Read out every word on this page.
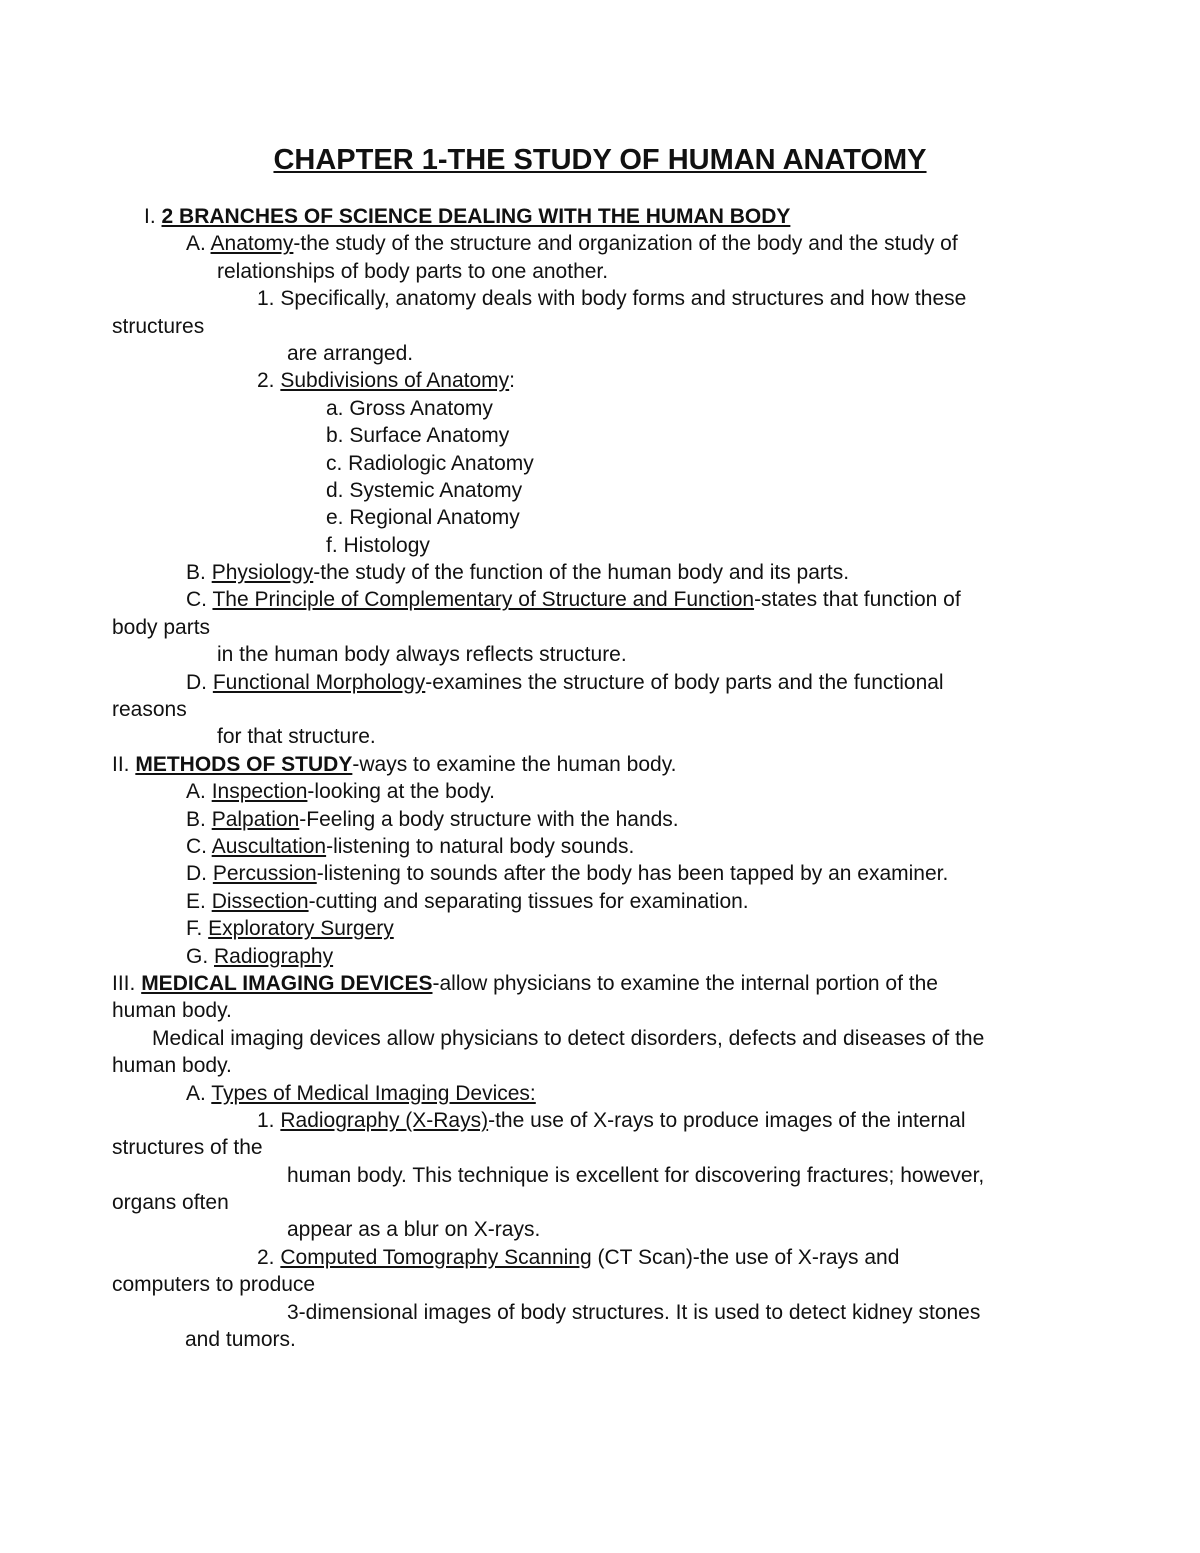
CHAPTER 1-THE STUDY OF HUMAN ANATOMY
I. 2 BRANCHES OF SCIENCE DEALING WITH THE HUMAN BODY
A. Anatomy-the study of the structure and organization of the body and the study of
relationships of body parts to one another.
1. Specifically, anatomy deals with body forms and structures and how these
structures
are arranged.
2. Subdivisions of Anatomy:
a. Gross Anatomy
b. Surface Anatomy
c. Radiologic Anatomy
d. Systemic Anatomy
e. Regional Anatomy
f. Histology
B. Physiology-the study of the function of the human body and its parts.
C. The Principle of Complementary of Structure and Function-states that function of
body parts
in the human body always reflects structure.
D. Functional Morphology-examines the structure of body parts and the functional
reasons
for that structure.
II. METHODS OF STUDY-ways to examine the human body.
A. Inspection-looking at the body.
B. Palpation-Feeling a body structure with the hands.
C. Auscultation-listening to natural body sounds.
D. Percussion-listening to sounds after the body has been tapped by an examiner.
E. Dissection-cutting and separating tissues for examination.
F. Exploratory Surgery
G. Radiography
III. MEDICAL IMAGING DEVICES-allow physicians to examine the internal portion of the
human body.
Medical imaging devices allow physicians to detect disorders, defects and diseases of the
human body.
A. Types of Medical Imaging Devices:
1. Radiography (X-Rays)-the use of X-rays to produce images of the internal
structures of the
human body. This technique is excellent for discovering fractures; however,
organs often
appear as a blur on X-rays.
2. Computed Tomography Scanning (CT Scan)-the use of X-rays and
computers to produce
3-dimensional images of body structures. It is used to detect kidney stones
and tumors.
